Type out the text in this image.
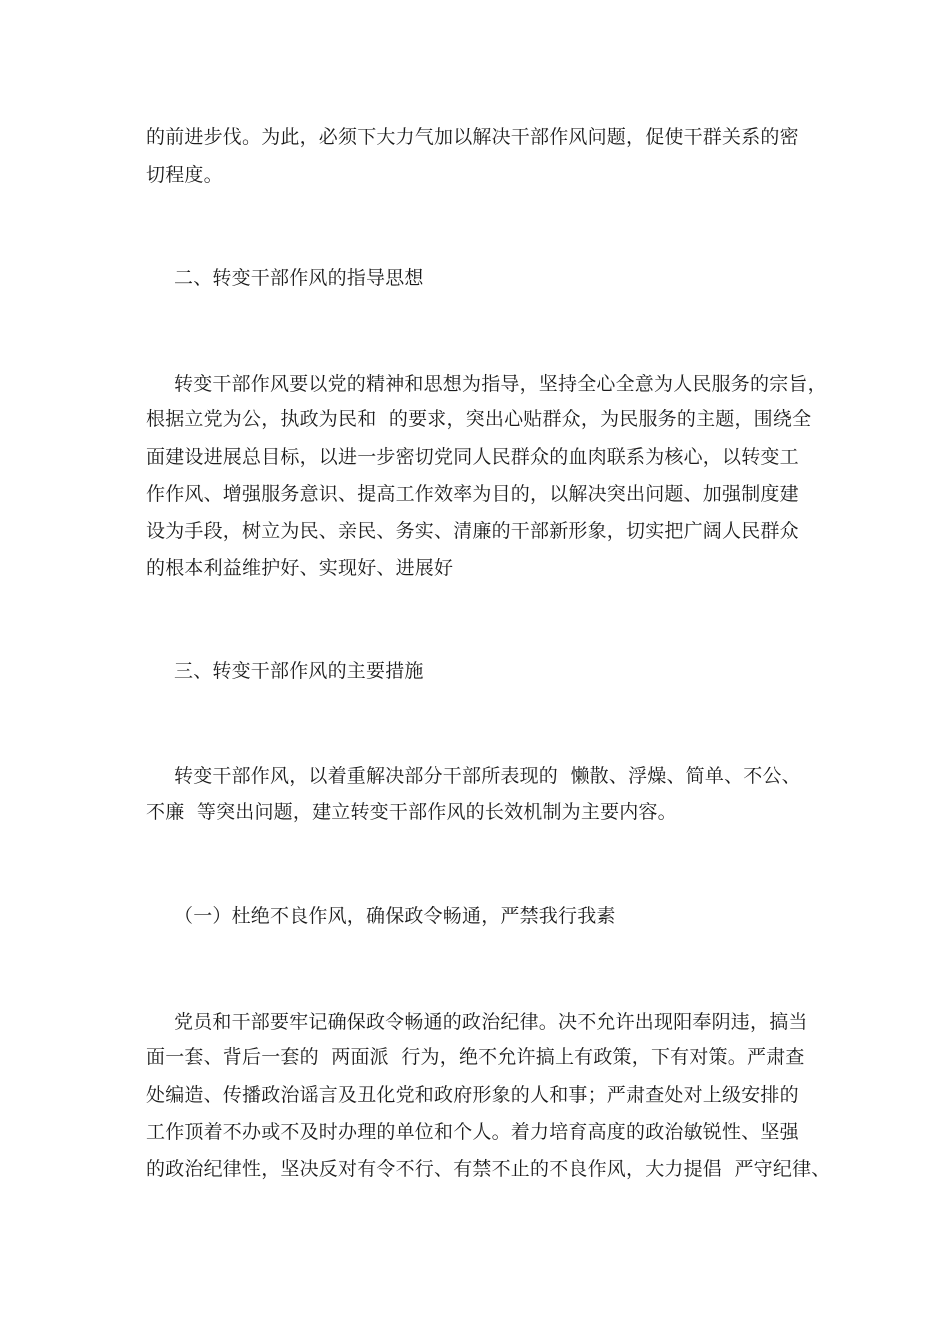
的前进步伐。为此，必须下大力气加以解决干部作风问题，促使干群关系的密
切程度。
二、转变干部作风的指导思想
转变干部作风要以党的精神和思想为指导，坚持全心全意为人民服务的宗旨，
根据立党为公，执政为民和  的要求，突出心贴群众，为民服务的主题，围绕全
面建设进展总目标，以进一步密切党同人民群众的血肉联系为核心，以转变工
作作风、增强服务意识、提高工作效率为目的，以解决突出问题、加强制度建
设为手段，树立为民、亲民、务实、清廉的干部新形象，切实把广阔人民群众
的根本利益维护好、实现好、进展好
三、转变干部作风的主要措施
转变干部作风，以着重解决部分干部所表现的  懒散、浮燥、简单、不公、
不廉  等突出问题，建立转变干部作风的长效机制为主要内容。
（一）杜绝不良作风，确保政令畅通，严禁我行我素
党员和干部要牢记确保政令畅通的政治纪律。决不允许出现阳奉阴违，搞当
面一套、背后一套的  两面派  行为，绝不允许搞上有政策，下有对策。严肃查
处编造、传播政治谣言及丑化党和政府形象的人和事；严肃查处对上级安排的
工作顶着不办或不及时办理的单位和个人。着力培育高度的政治敏锐性、坚强
的政治纪律性，坚决反对有令不行、有禁不止的不良作风，大力提倡  严守纪律、
